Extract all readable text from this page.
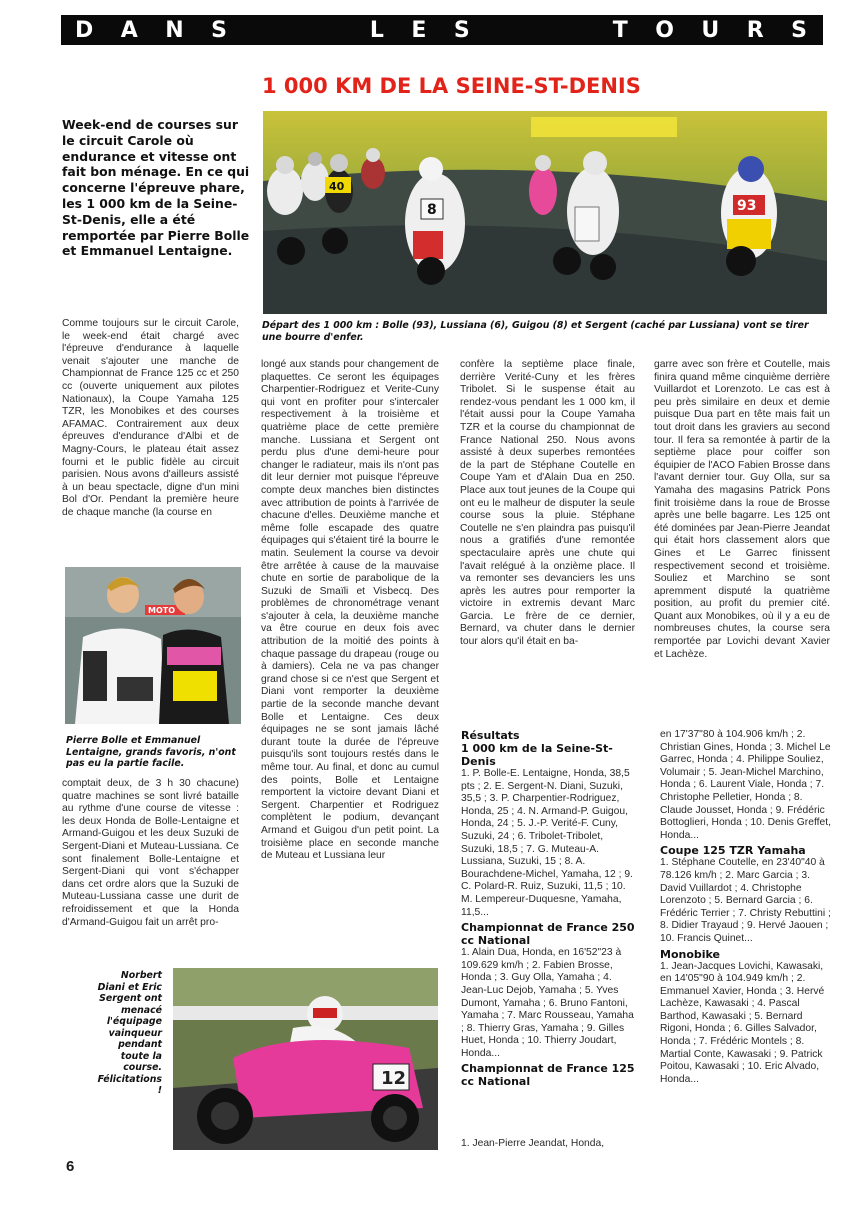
D A N S	L E S	T O U R S
1 000 KM DE LA SEINE-ST-DENIS
Week-end de courses sur le circuit Carole où endurance et vitesse ont fait bon ménage. En ce qui concerne l'épreuve phare, les 1 000 km de la Seine-St-Denis, elle a été remportée par Pierre Bolle et Emmanuel Lentaigne.
40
8	93
Départ des 1 000 km : Bolle (93), Lussiana (6), Guigou (8) et Sergent (caché par Lussiana) vont se tirer une bourre d'enfer.

Comme toujours sur le circuit Carole, le week-end était chargé avec l'épreuve d'endurance à laquelle venait s'ajouter une manche de Championnat de France 125 cc et 250 cc (ouverte uniquement aux pilotes Nationaux), la Coupe Yamaha 125 TZR, les Monobikes et des courses AFAMAC. Contrairement aux deux épreuves d'endurance d'Albi et de Magny-Cours, le plateau était assez fourni et le public fidèle au circuit parisien. Nous avons d'ailleurs assisté à un beau spectacle, digne d'un mini Bol d'Or. Pendant la première heure de chaque manche (la course en

MOTO
Pierre Bolle et Emmanuel Lentaigne, grands favoris, n'ont pas eu la partie facile.

comptait deux, de 3 h 30 chacune) quatre machines se sont livré bataille au rythme d'une course de vitesse : les deux Honda de Bolle-Lentaigne et Armand-Guigou et les deux Suzuki de Sergent-Diani et Muteau-Lussiana. Ce sont finalement Bolle-Lentaigne et Sergent-Diani qui vont s'échapper dans cet ordre alors que la Suzuki de Muteau-Lussiana casse une durit de refroidissement et que la Honda d'Armand-Guigou fait un arrêt pro-

longé aux stands pour changement de plaquettes. Ce seront les équipages Charpentier-Rodriguez et Verite-Cuny qui vont en profiter pour s'intercaler respectivement à la troisième et quatrième place de cette première manche. Lussiana et Sergent ont perdu plus d'une demi-heure pour changer le radiateur, mais ils n'ont pas dit leur dernier mot puisque l'épreuve compte deux manches bien distinctes avec attribution de points à l'arrivée de chacune d'elles. Deuxième manche et même folle escapade des quatre équipages qui s'étaient tiré la bourre le matin. Seulement la course va devoir être arrêtée à cause de la mauvaise chute en sortie de parabolique de la Suzuki de Smaïli et Visbecq. Des problèmes de chronométrage venant s'ajouter à cela, la deuxième manche va être courue en deux fois avec attribution de la moitié des points à chaque passage du drapeau (rouge ou à damiers). Cela ne va pas changer grand chose si ce n'est que Sergent et Diani vont remporter la deuxième partie de la seconde manche devant Bolle et Lentaigne. Ces deux équipages ne se sont jamais lâché durant toute la durée de l'épreuve puisqu'ils sont toujours restés dans le même tour. Au final, et donc au cumul des points, Bolle et Lentaigne remportent la victoire devant Diani et Sergent. Charpentier et Rodriguez complètent le podium, devançant Armand et Guigou d'un petit point. La troisième place en seconde manche de Muteau et Lussiana leur

confère la septième place finale, derrière Verité-Cuny et les frères Tribolet. Si le suspense était au rendez-vous pendant les 1 000 km, il l'était aussi pour la Coupe Yamaha TZR et la course du championnat de France National 250. Nous avons assisté à deux superbes remontées de la part de Stéphane Coutelle en Coupe Yam et d'Alain Dua en 250. Place aux tout jeunes de la Coupe qui ont eu le malheur de disputer la seule course sous la pluie. Stéphane Coutelle ne s'en plaindra pas puisqu'il nous a gratifiés d'une remontée spectaculaire après une chute qui l'avait relégué à la onzième place. Il va remonter ses devanciers les uns après les autres pour remporter la victoire in extremis devant Marc Garcia. Le frère de ce dernier, Bernard, va chuter dans le dernier tour alors qu'il était en ba-

garre avec son frère et Coutelle, mais finira quand même cinquième derrière Vuillardot et Lorenzoto. Le cas est à peu près similaire en deux et demie puisque Dua part en tête mais fait un tout droit dans les graviers au second tour. Il fera sa remontée à partir de la septième place pour coiffer son équipier de l'ACO Fabien Brosse dans l'avant dernier tour. Guy Olla, sur sa Yamaha des magasins Patrick Pons finit troisième dans la roue de Brosse après une belle bagarre. Les 125 ont été dominées par Jean-Pierre Jeandat qui était hors classement alors que Gines et Le Garrec finissent respectivement second et troisième. Souliez et Marchino se sont apremment disputé la quatrième position, au profit du premier cité. Quant aux Monobikes, où il y a eu de nombreuses chutes, la course sera remportée par Lovichi devant Xavier et Lachèze.

Résultats
1 000 km de la Seine-St-Denis

1. P. Bolle-E. Lentaigne, Honda, 38,5 pts ; 2. E. Sergent-N. Diani, Suzuki, 35,5 ; 3. P. Charpentier-Rodriguez, Honda, 25 ; 4. N. Armand-P. Guigou, Honda, 24 ; 5. J.-P. Verité-F. Cuny, Suzuki, 24 ; 6. Tribolet-Tribolet, Suzuki, 18,5 ; 7. G. Muteau-A. Lussiana, Suzuki, 15 ; 8. A. Bourachdene-Michel, Yamaha, 12 ; 9. C. Polard-R. Ruiz, Suzuki, 11,5 ; 10. M. Lempereur-Duquesne, Yamaha, 11,5...

Championnat de France 250 cc National

1. Alain Dua, Honda, en 16'52"23 à 109.629 km/h ; 2. Fabien Brosse, Honda ; 3. Guy Olla, Yamaha ; 4. Jean-Luc Dejob, Yamaha ; 5. Yves Dumont, Yamaha ; 6. Bruno Fantoni, Yamaha ; 7. Marc Rousseau, Yamaha ; 8. Thierry Gras, Yamaha ; 9. Gilles Huet, Honda ; 10. Thierry Joudart, Honda...

Championnat de France 125 cc National

1. Jean-Pierre Jeandat, Honda,

en 17'37"80 à 104.906 km/h ; 2. Christian Gines, Honda ; 3. Michel Le Garrec, Honda ; 4. Philippe Souliez, Volumair ; 5. Jean-Michel Marchino, Honda ; 6. Laurent Viale, Honda ; 7. Christophe Pelletier, Honda ; 8. Claude Jousset, Honda ; 9. Frédéric Bottoglieri, Honda ; 10. Denis Greffet, Honda...

Coupe 125 TZR Yamaha

1. Stéphane Coutelle, en 23'40"40 à 78.126 km/h ; 2. Marc Garcia ; 3. David Vuillardot ; 4. Christophe Lorenzoto ; 5. Bernard Garcia ; 6. Frédéric Terrier ; 7. Christy Rebuttini ; 8. Didier Trayaud ; 9. Hervé Jaouen ; 10. Francis Quinet...

Monobike

1. Jean-Jacques Lovichi, Kawasaki, en 14'05"90 à 104.949 km/h ; 2. Emmanuel Xavier, Honda ; 3. Hervé Lachèze, Kawasaki ; 4. Pascal Barthod, Kawasaki ; 5. Bernard Rigoni, Honda ; 6. Gilles Salvador, Honda ; 7. Frédéric Montels ; 8. Martial Conte, Kawasaki ; 9. Patrick Poitou, Kawasaki ; 10. Eric Alvado, Honda...

Norbert Diani et Eric Sergent ont menacé l'équipage vainqueur pendant toute la course. Félicitations !
12
6
